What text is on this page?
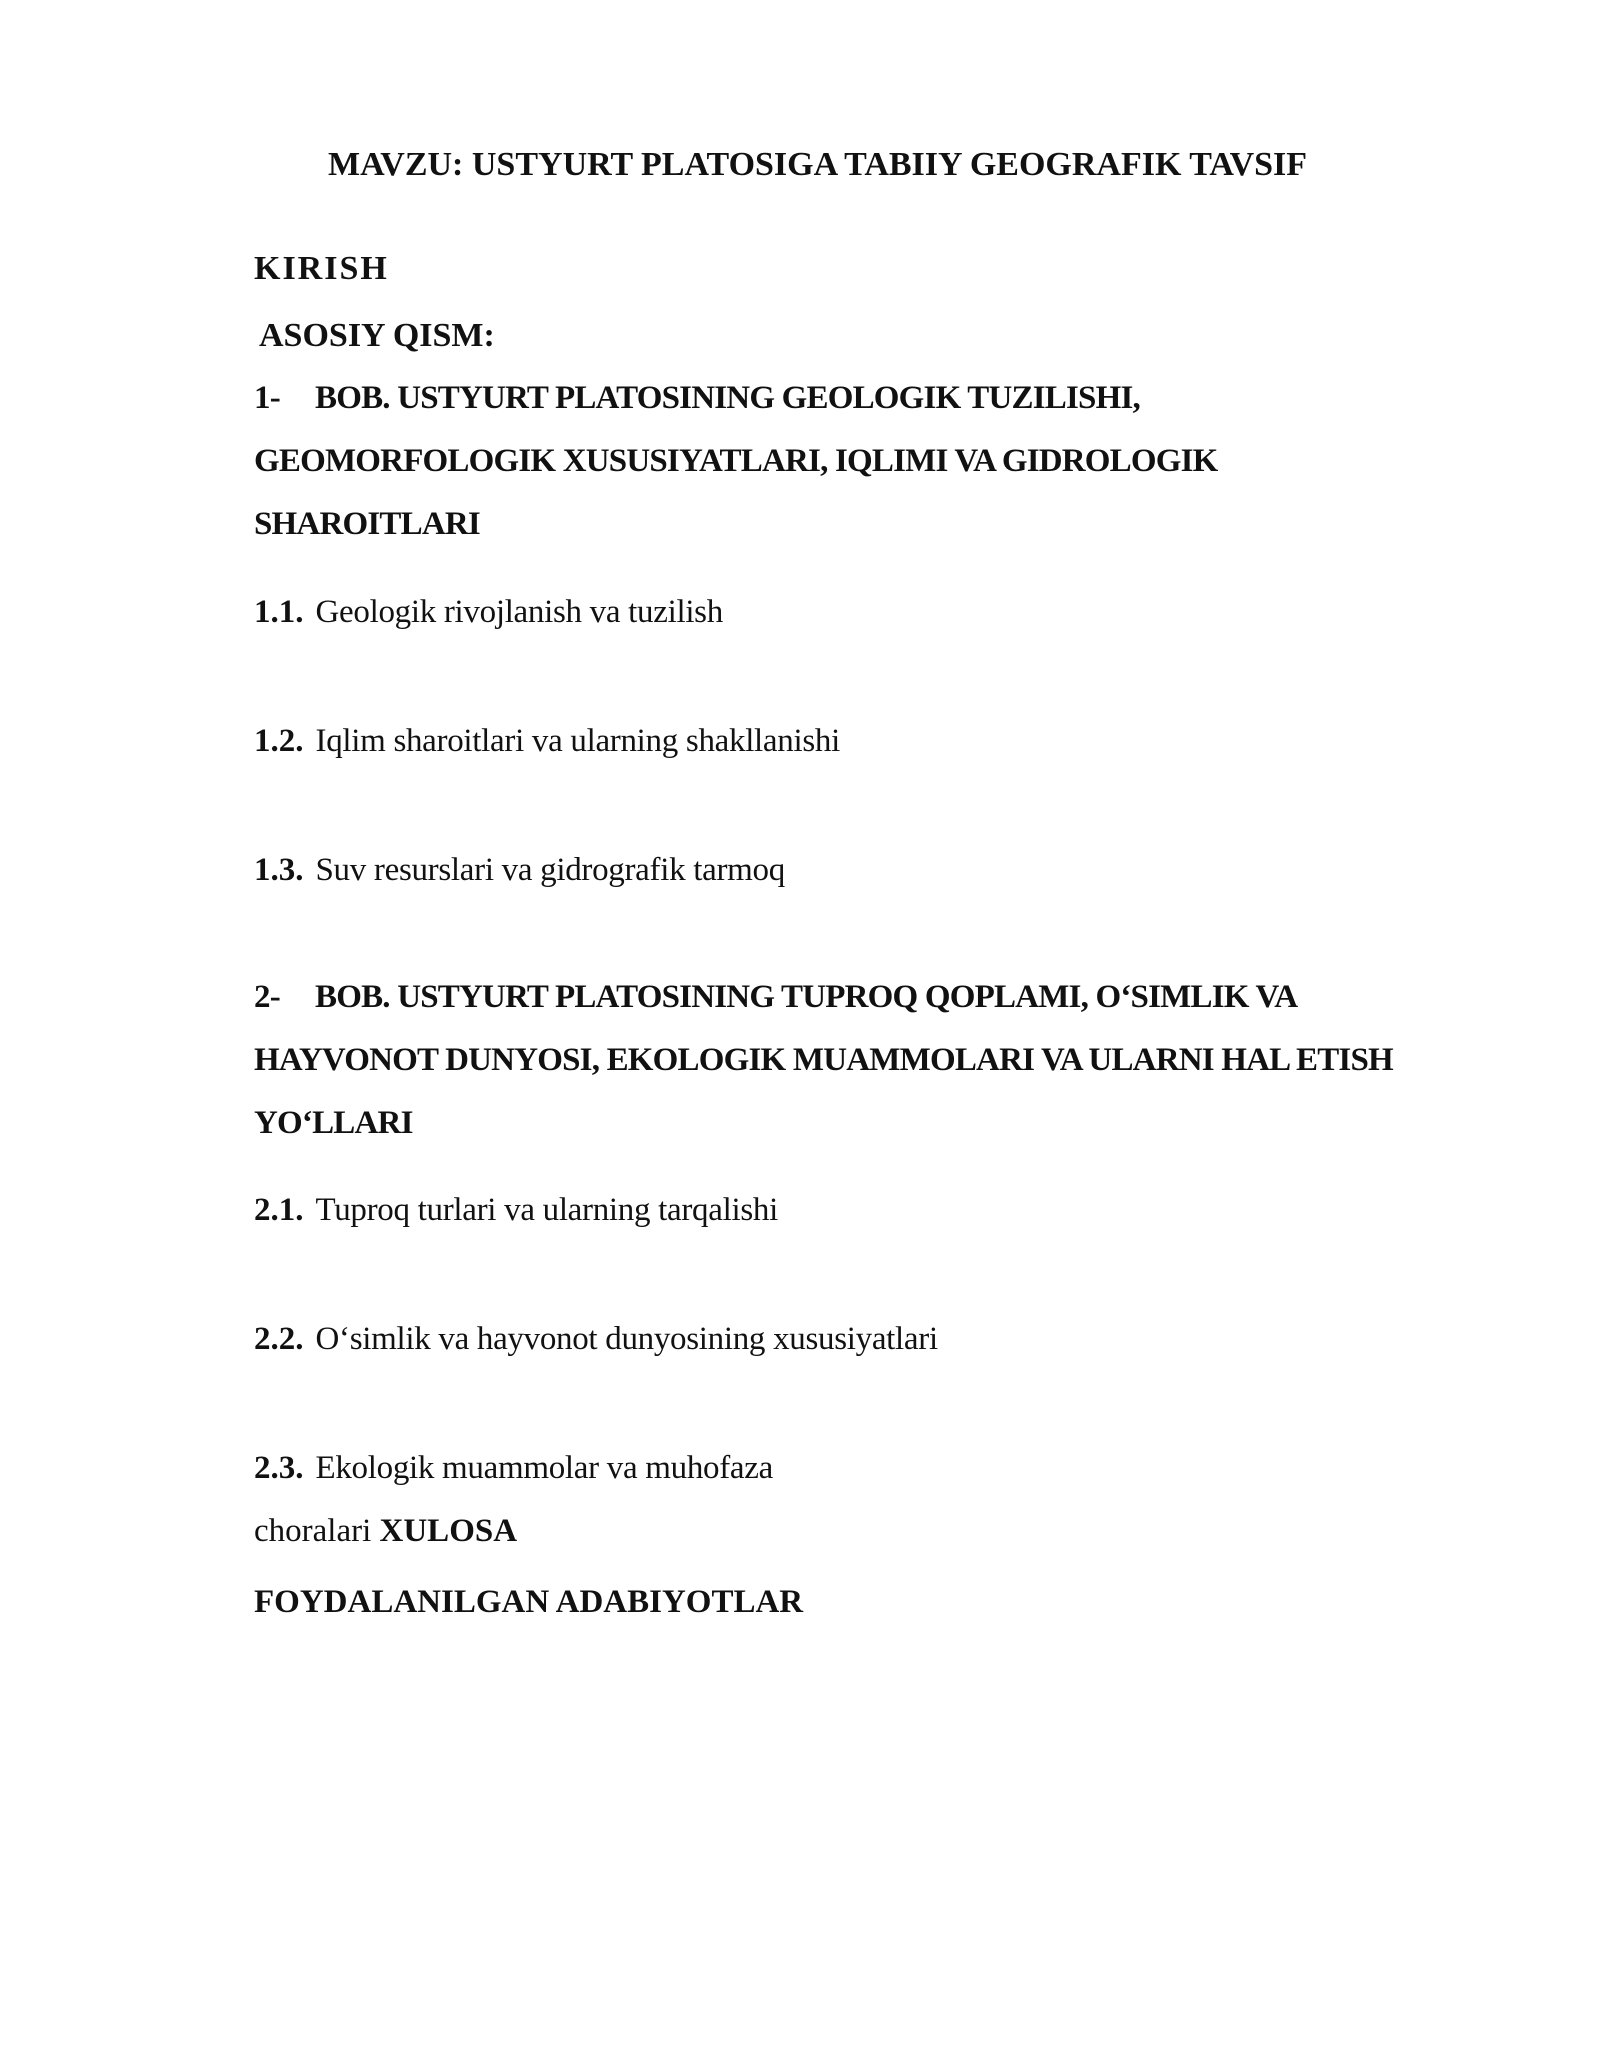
MAVZU: USTYURT PLATOSIGA TABIIY GEOGRAFIK TAVSIF
KIRISH
ASOSIY QISM:
1- BOB. USTYURT PLATOSINING GEOLOGIK TUZILISHI, GEOMORFOLOGIK XUSUSIYATLARI, IQLIMI VA GIDROLOGIK SHAROITLARI
1.1. Geologik rivojlanish va tuzilish
1.2. Iqlim sharoitlari va ularning shakllanishi
1.3. Suv resurslari va gidrografik tarmoq
2- BOB. USTYURT PLATOSINING TUPROQ QOPLAMI, O‘SIMLIK VA HAYVONOT DUNYOSI, EKOLOGIK MUAMMOLARI VA ULARNI HAL ETISH YO‘LLARI
2.1. Tuproq turlari va ularning tarqalishi
2.2. O‘simlik va hayvonot dunyosining xususiyatlari
2.3. Ekologik muammolar va muhofaza
choralari XULOSA
FOYDALANILGAN ADABIYOTLAR
